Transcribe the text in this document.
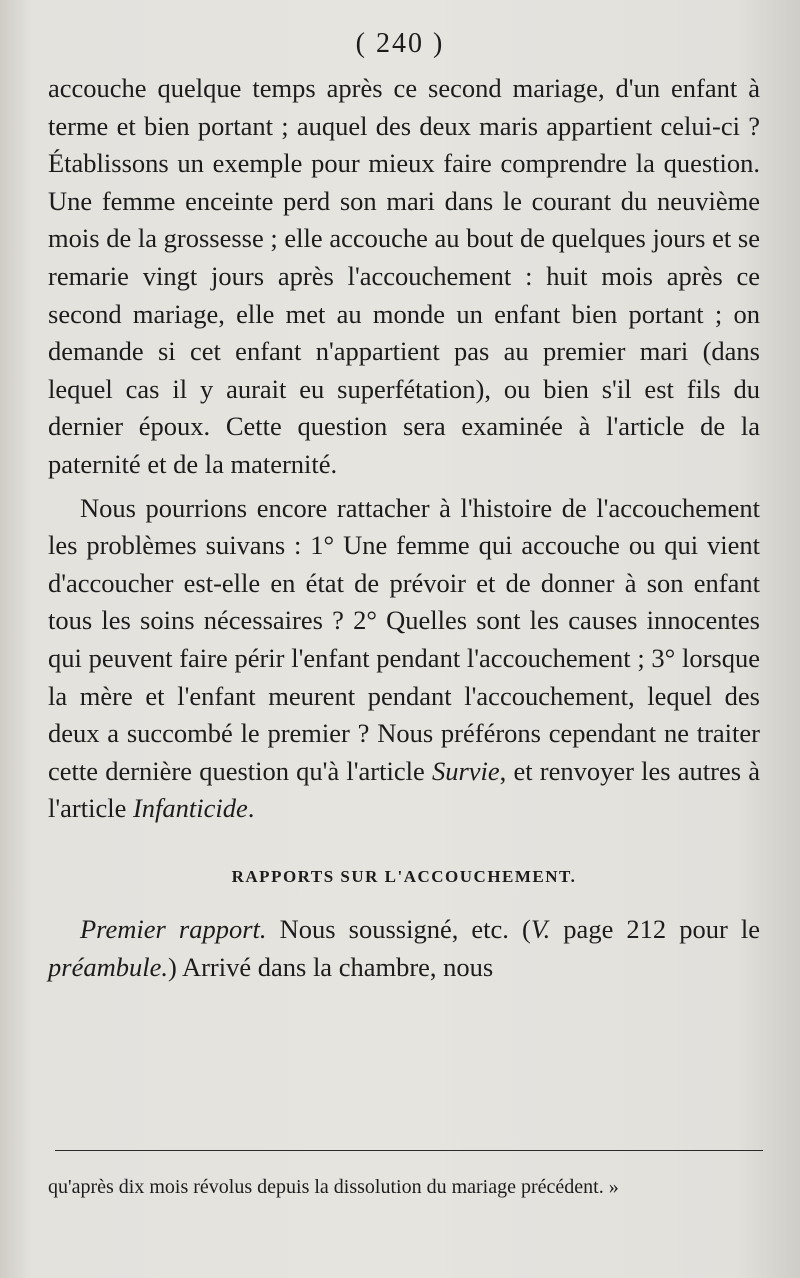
( 240 )

accouche quelque temps après ce second mariage, d'un enfant à terme et bien portant ; auquel des deux maris appartient celui-ci ? Établissons un exemple pour mieux faire comprendre la question. Une femme enceinte perd son mari dans le courant du neuvième mois de la grossesse ; elle accouche au bout de quelques jours et se remarie vingt jours après l'accouchement : huit mois après ce second mariage, elle met au monde un enfant bien portant ; on demande si cet enfant n'appartient pas au premier mari (dans lequel cas il y aurait eu superfétation), ou bien s'il est fils du dernier époux. Cette question sera examinée à l'article de la paternité et de la maternité.

Nous pourrions encore rattacher à l'histoire de l'accouchement les problèmes suivans : 1° Une femme qui accouche ou qui vient d'accoucher est-elle en état de prévoir et de donner à son enfant tous les soins nécessaires ? 2° Quelles sont les causes innocentes qui peuvent faire périr l'enfant pendant l'accouchement ; 3° lorsque la mère et l'enfant meurent pendant l'accouchement, lequel des deux a succombé le premier ? Nous préférons cependant ne traiter cette dernière question qu'à l'article Survie, et renvoyer les autres à l'article Infanticide.

RAPPORTS SUR L'ACCOUCHEMENT.

Premier rapport. Nous soussigné, etc. (V. page 212 pour le préambule.) Arrivé dans la chambre, nous

qu'après dix mois révolus depuis la dissolution du mariage précédent. »
